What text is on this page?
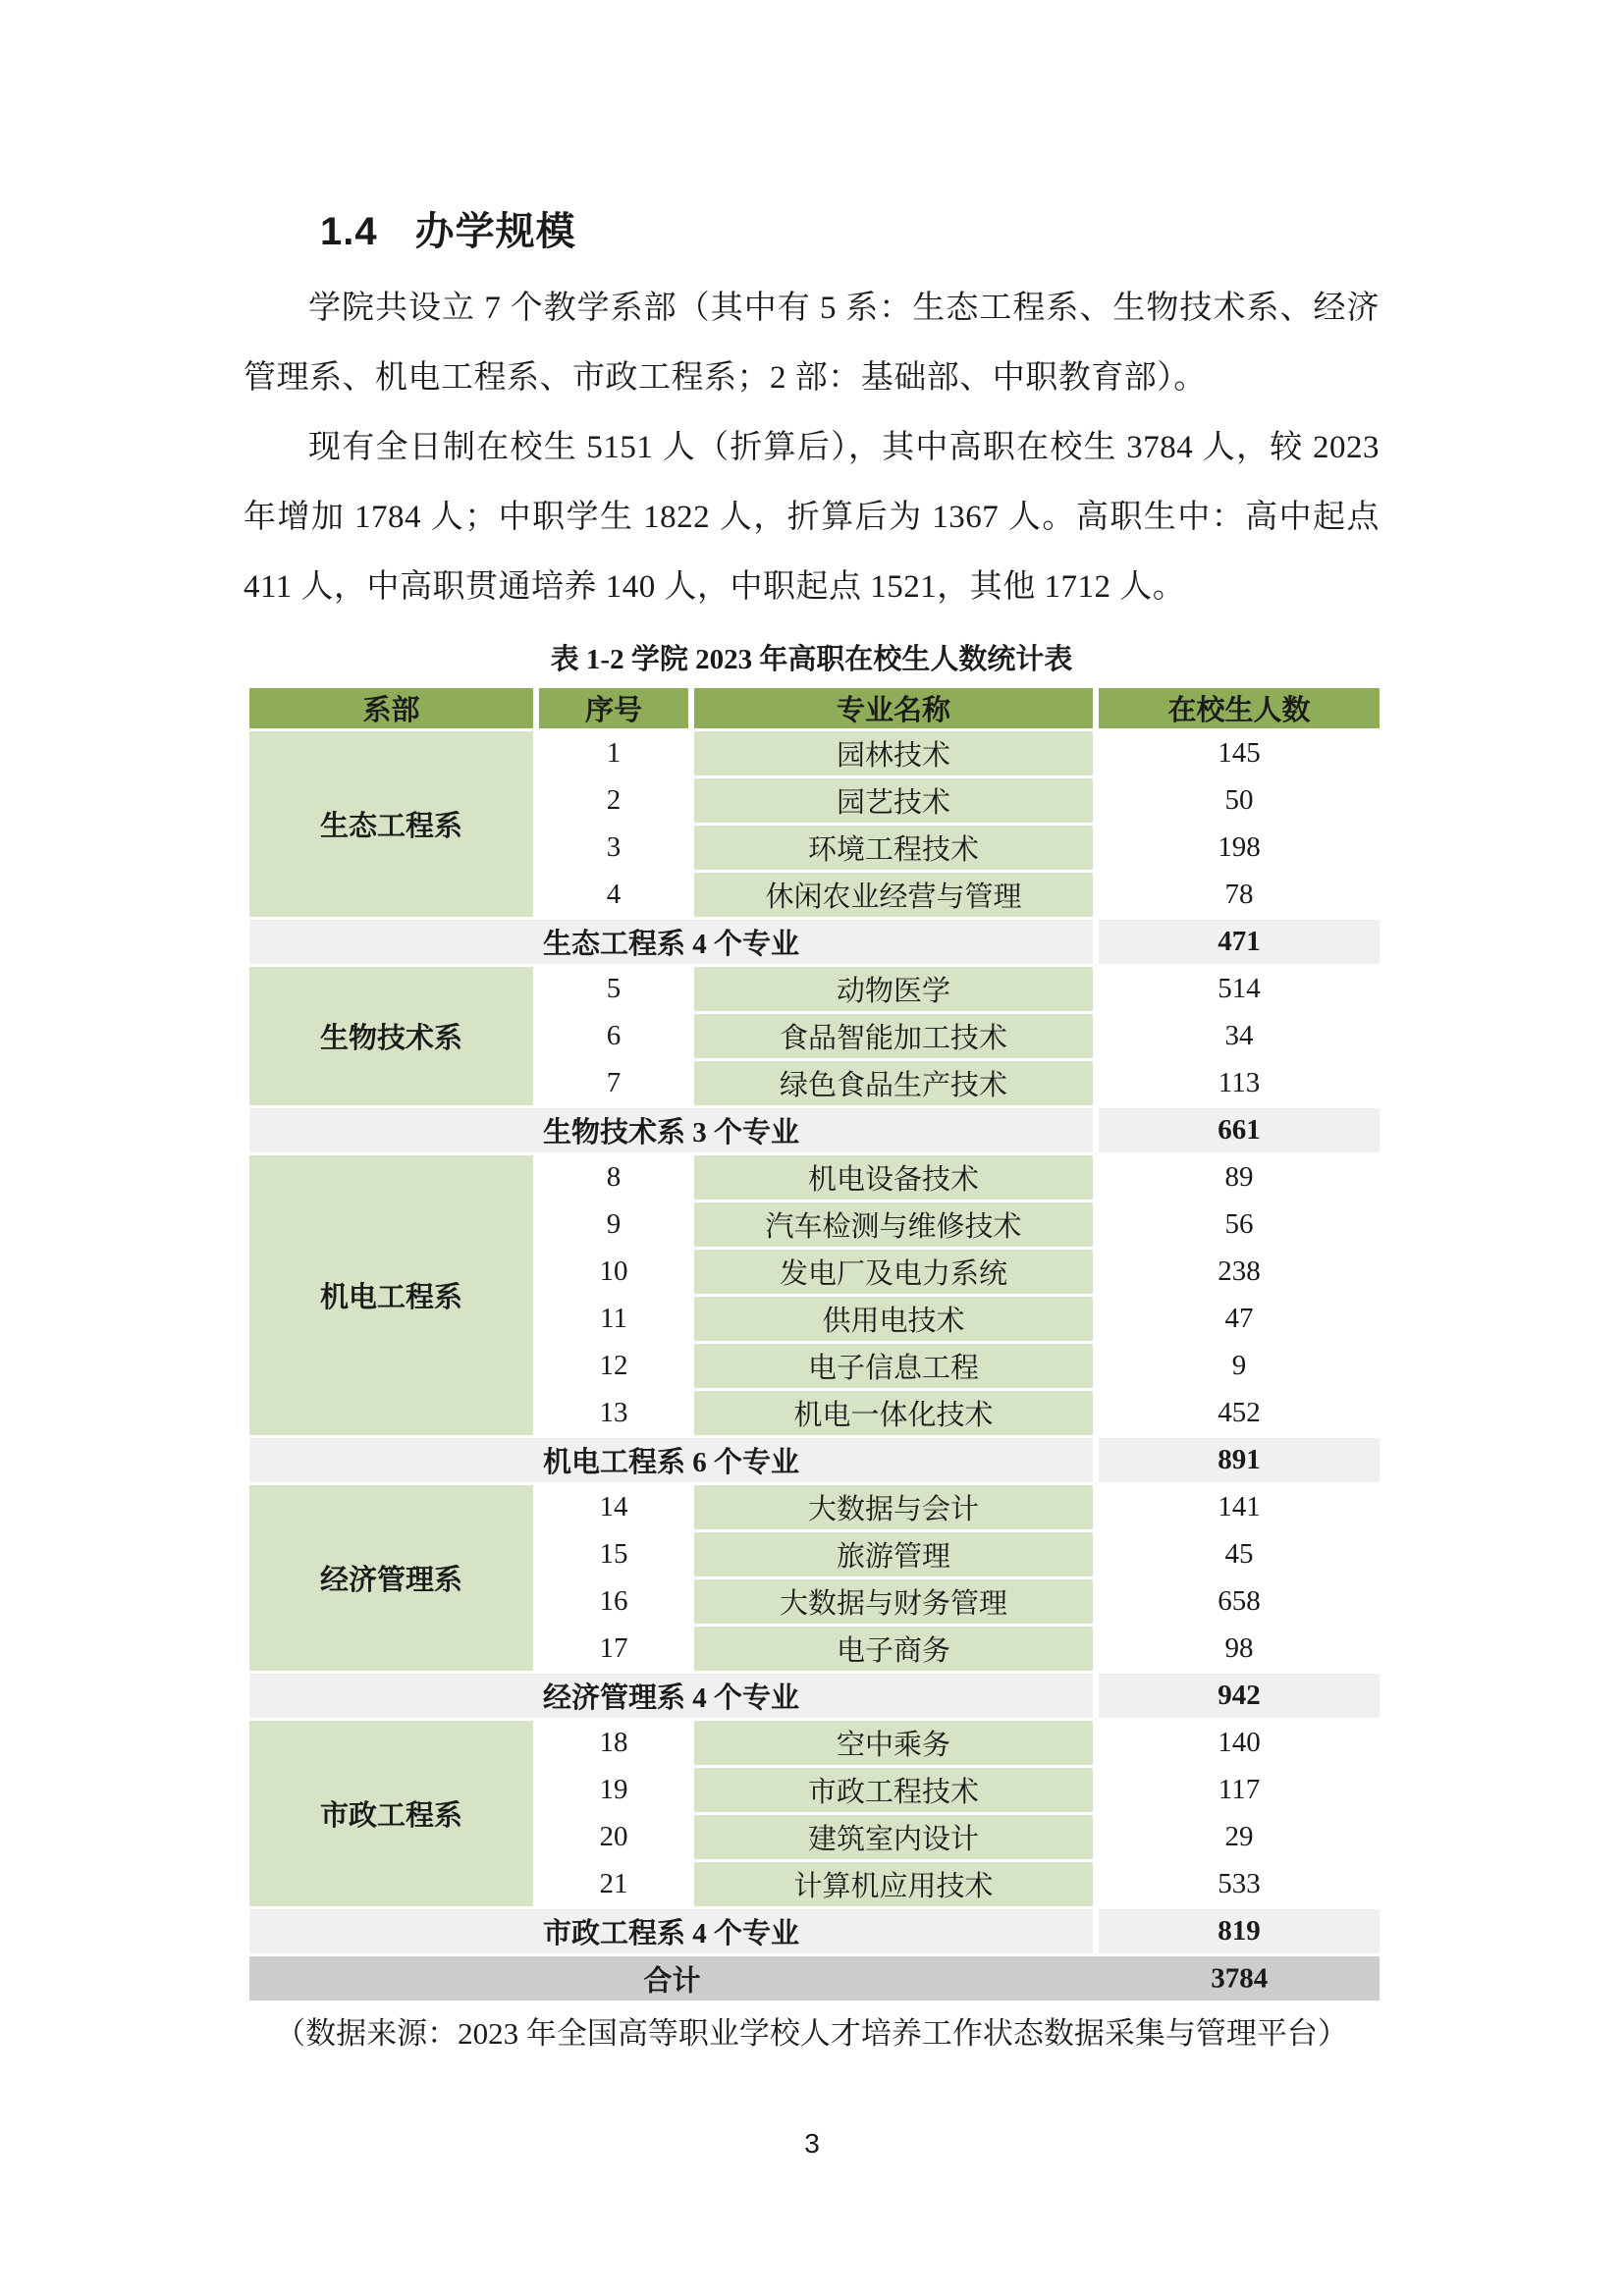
1.4 办学规模

学院共设立 7 个教学系部（其中有 5 系：生态工程系、生物技术系、经济管理系、机电工程系、市政工程系；2 部：基础部、中职教育部）。

现有全日制在校生 5151 人（折算后），其中高职在校生 3784 人，较 2023 年增加 1784 人；中职学生 1822 人，折算后为 1367 人。高职生中：高中起点 411 人，中高职贯通培养 140 人，中职起点 1521，其他 1712 人。

表 1-2 学院 2023 年高职在校生人数统计表
系部	序号	专业名称	在校生人数
生态工程系	1	园林技术	145
	2	园艺技术	50
	3	环境工程技术	198
	4	休闲农业经营与管理	78
生态工程系 4 个专业			471
生物技术系	5	动物医学	514
	6	食品智能加工技术	34
	7	绿色食品生产技术	113
生物技术系 3 个专业			661
机电工程系	8	机电设备技术	89
	9	汽车检测与维修技术	56
	10	发电厂及电力系统	238
	11	供用电技术	47
	12	电子信息工程	9
	13	机电一体化技术	452
机电工程系 6 个专业			891
经济管理系	14	大数据与会计	141
	15	旅游管理	45
	16	大数据与财务管理	658
	17	电子商务	98
经济管理系 4 个专业			942
市政工程系	18	空中乘务	140
	19	市政工程技术	117
	20	建筑室内设计	29
	21	计算机应用技术	533
市政工程系 4 个专业			819

合计 3784			
（数据来源：2023 年全国高等职业学校人才培养工作状态数据采集与管理平台）
3
